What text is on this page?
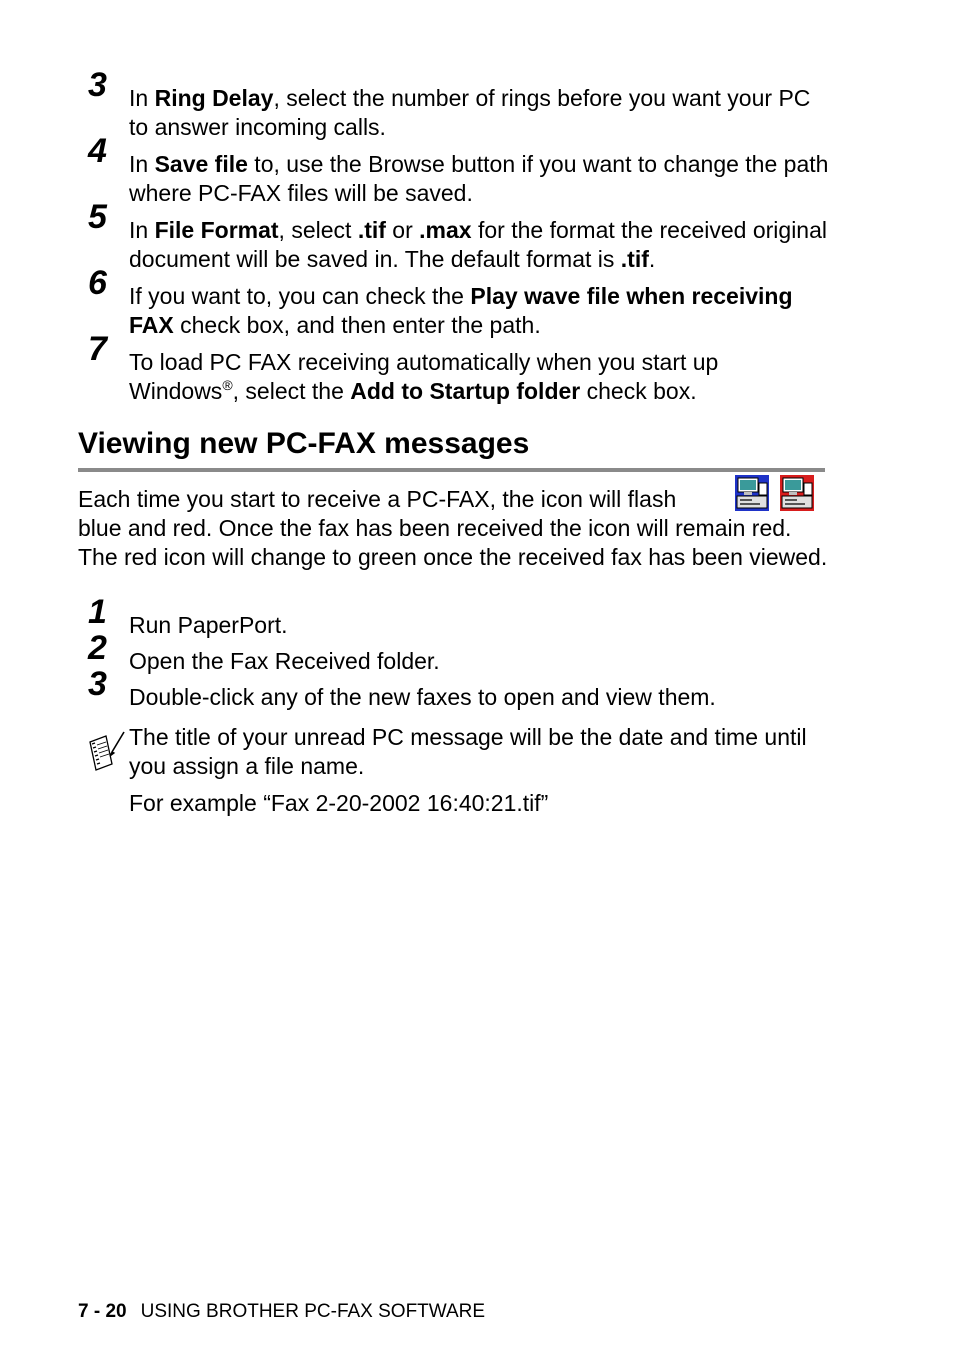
3 In Ring Delay, select the number of rings before you want your PC to answer incoming calls.
4 In Save file to, use the Browse button if you want to change the path where PC-FAX files will be saved.
5 In File Format, select .tif or .max for the format the received original document will be saved in. The default format is .tif.
6 If you want to, you can check the Play wave file when receiving FAX check box, and then enter the path.
7 To load PC FAX receiving automatically when you start up Windows®, select the Add to Startup folder check box.
Viewing new PC-FAX messages
Each time you start to receive a PC-FAX, the icon will flash
blue and red. Once the fax has been received the icon will remain red. The red icon will change to green once the received fax has been viewed.
1 Run PaperPort.
2 Open the Fax Received folder.
3 Double-click any of the new faxes to open and view them.
The title of your unread PC message will be the date and time until you assign a file name.
For example “Fax 2-20-2002 16:40:21.tif”
7 - 20 USING BROTHER PC-FAX SOFTWARE
